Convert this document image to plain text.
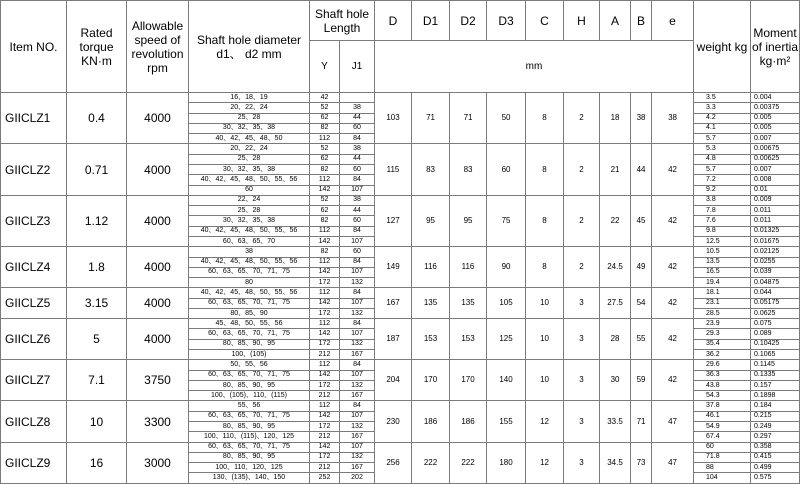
Item NO.	Rated torque KN·m	Allowable speed of revolution rpm	Shaft hole diameter d1、 d2 mm	Shaft hole Length		D	D1	D2	D3	C	H	A	B	e	weight kg	Moment of inertia kg·m²

				Y	J1	mm										
GIICLZ1	0.4	4000	16、18、19	42		103	71	71	50	8	2	18	38	38	3.5	0.004
			20、22、24	52	38										3.3	0.00375
			25、28	62	44										4.2	0.005
			30、32、35、38	82	60										4.1	0.005
			40、42、45、48、50	112	84										5.7	0.007
GIICLZ2	0.71	4000	20、22、24	52	38	115	83	83	60	8	2	21	44	42	5.3	0.00675
			25、28	62	44										4.8	0.00625
			30、32、35、38	82	60										5.7	0.007
			40、42、45、48、50、55、56	112	84										7.2	0.008
			60	142	107										9.2	0.01
GIICLZ3	1.12	4000	22、24	52	38	127	95	95	75	8	2	22	45	42	3.8	0.009
			25、28	62	44										7.8	0.011
			30、32、35、38	82	60										7.6	0.011
			40、42、45、48、50、55、56	112	84										9.8	0.01325
			60、63、65、70	142	107										12.5	0.01675
GIICLZ4	1.8	4000	38	82	60	149	116	116	90	8	2	24.5	49	42	10.5	0.02125
			40、42、45、48、50、55、56	112	84										13.5	0.0255
			60、63、65、70、71、75	142	107										16.5	0.039
			80	172	132										19.4	0.04875
GIICLZ5	3.15	4000	40、42、45、48、50、55、56	112	84	167	135	135	105	10	3	27.5	54	42	18.1	0.044
			60、63、65、70、71、75	142	107										23.1	0.05175
			80、85、90	172	132										28.5	0.0625
GIICLZ6	5	4000	45、48、50、55、56	112	84	187	153	153	125	10	3	28	55	42	23.9	0.075
			60、63、65、70、71、75	142	107										29.3	0.089
			80、85、90、95	172	132										35.4	0.10425
			100、(105)	212	167										36.2	0.1065
GIICLZ7	7.1	3750	50、55、56	112	84	204	170	170	140	10	3	30	59	42	29.6	0.1145
			60、63、65、70、71、75	142	107										36.3	0.1335
			80、85、90、95	172	132										43.8	0.157
			100、(105)、110、(115)	212	167										54.3	0.1898
GIICLZ8	10	3300	55、56	112	84	230	186	186	155	12	3	33.5	71	47	37.8	0.184
			60、63、65、70、71、75	142	107										46.1	0.215
			80、85、90、95	172	132										54.9	0.249
			100、110、(115)、120、125	212	167										67.4	0.297
GIICLZ9	16	3000	60、63、65、70、71、75	142	107	256	222	222	180	12	3	34.5	73	47	60	0.358
			80、85、90、95	172	132										71.8	0.415
			100、110、120、125	212	167										88	0.499
			130、(135)、140、150	252	202										104	0.575
